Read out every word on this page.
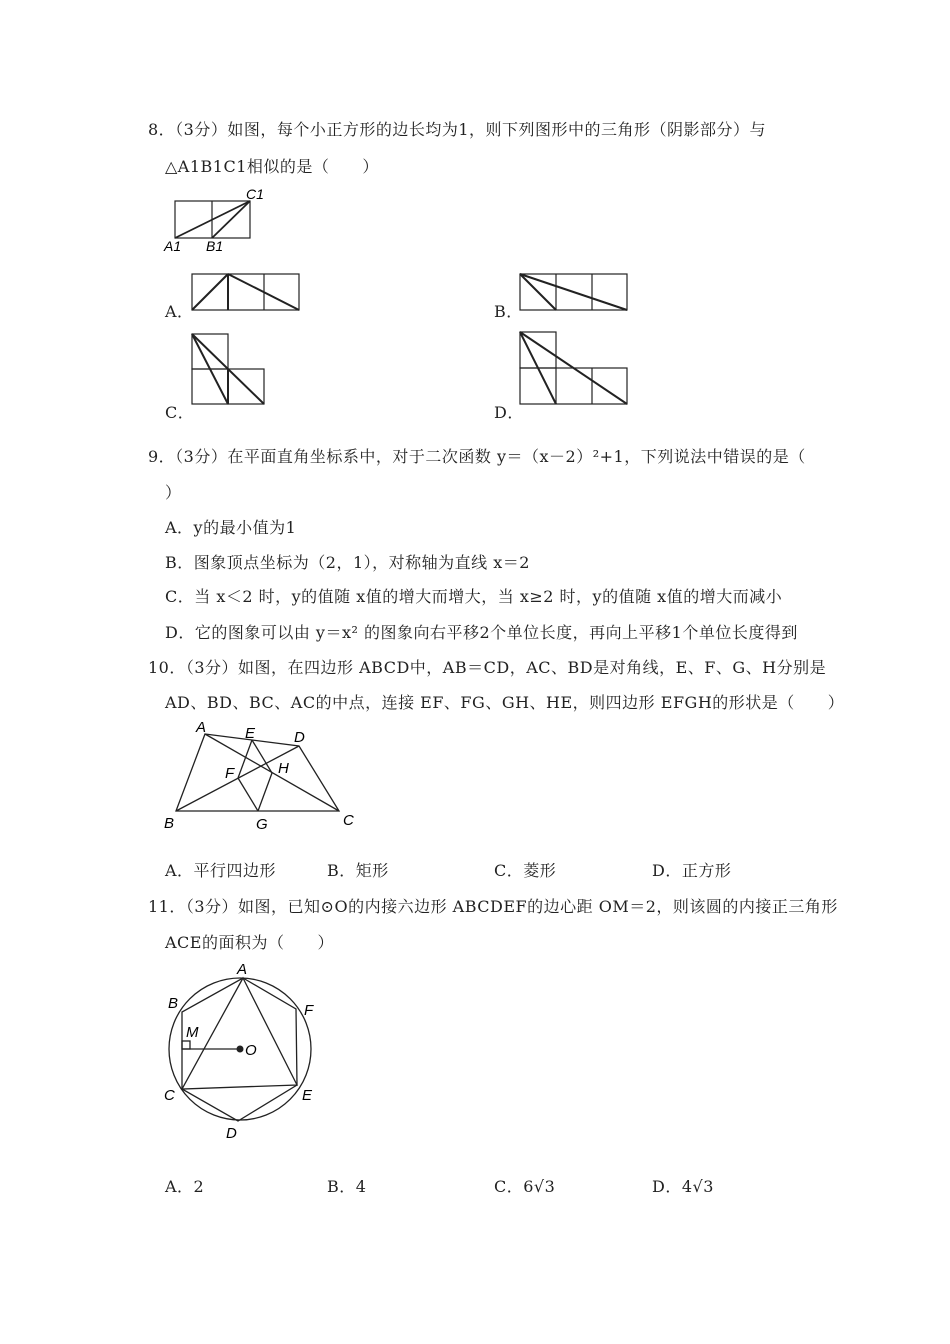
8．（3分）如图，每个小正方形的边长均为1，则下列图形中的三角形（阴影部分）与
△A1B1C1相似的是（　　）
C1
A1 B1
A．	B．
C．	D．
9．（3分）在平面直角坐标系中，对于二次函数 y＝（x－2）²+1，下列说法中错误的是（
）
A．y的最小值为1
B．图象顶点坐标为（2，1），对称轴为直线 x＝2
C．当 x＜2 时，y的值随 x值的增大而增大，当 x≥2 时，y的值随 x值的增大而减小
D．它的图象可以由 y＝x² 的图象向右平移2个单位长度，再向上平移1个单位长度得到
10．（3分）如图，在四边形 ABCD中，AB＝CD，AC、BD是对角线，E、F、G、H分别是
AD、BD、BC、AC的中点，连接 EF、FG、GH、HE，则四边形 EFGH的形状是（　　）
A	E	D
F	H
B	G	C
A．平行四边形	B．矩形	C．菱形	D．正方形
11．（3分）如图，已知⊙O的内接六边形 ABCDEF的边心距 OM＝2，则该圆的内接正三角形
ACE的面积为（　　）
A
B	F
M
O
C	E
D
A．2	B．4	C．6√3	D．4√3
